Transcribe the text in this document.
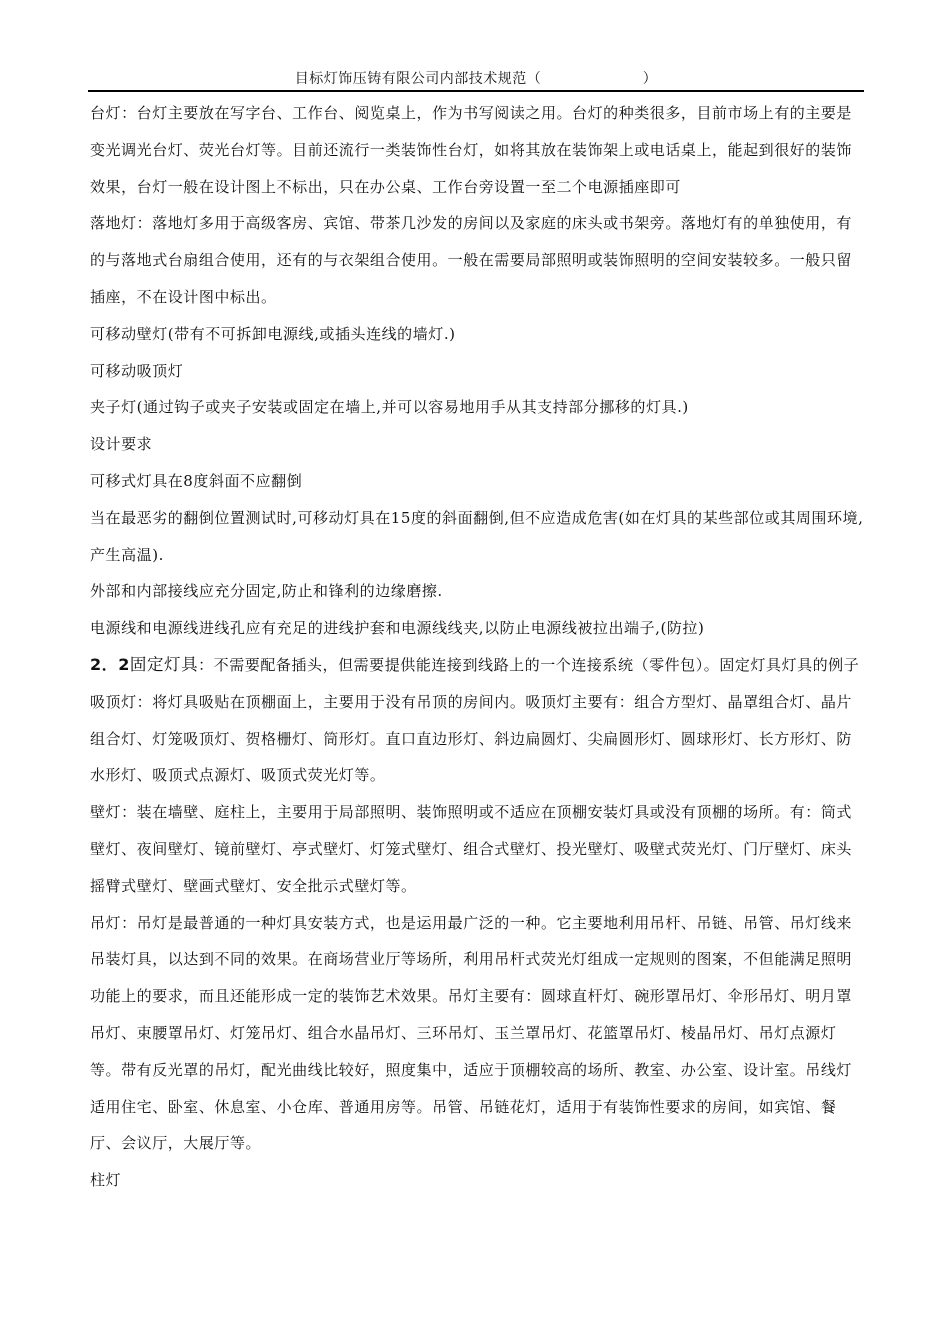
目标灯饰压铸有限公司内部技术规范（　　　　　　　）

台灯：台灯主要放在写字台、工作台、阅览桌上，作为书写阅读之用。台灯的种类很多，目前市场上有的主要是变光调光台灯、荧光台灯等。目前还流行一类装饰性台灯，如将其放在装饰架上或电话桌上，能起到很好的装饰效果，台灯一般在设计图上不标出，只在办公桌、工作台旁设置一至二个电源插座即可

落地灯：落地灯多用于高级客房、宾馆、带茶几沙发的房间以及家庭的床头或书架旁。落地灯有的单独使用，有的与落地式台扇组合使用，还有的与衣架组合使用。一般在需要局部照明或装饰照明的空间安装较多。一般只留插座，不在设计图中标出。

可移动壁灯(带有不可拆卸电源线,或插头连线的墙灯.)

可移动吸顶灯

夹子灯(通过钩子或夹子安装或固定在墙上,并可以容易地用手从其支持部分挪移的灯具.)

设计要求

可移式灯具在8度斜面不应翻倒

当在最恶劣的翻倒位置测试时,可移动灯具在15度的斜面翻倒,但不应造成危害(如在灯具的某些部位或其周围环境,产生高温).

外部和内部接线应充分固定,防止和锋利的边缘磨擦.

电源线和电源线进线孔应有充足的进线护套和电源线线夹,以防止电源线被拉出端子,(防拉)

2．2固定灯具：不需要配备插头，但需要提供能连接到线路上的一个连接系统（零件包）。固定灯具灯具的例子

吸顶灯：将灯具吸贴在顶棚面上，主要用于没有吊顶的房间内。吸顶灯主要有：组合方型灯、晶罩组合灯、晶片组合灯、灯笼吸顶灯、贺格栅灯、筒形灯。直口直边形灯、斜边扁圆灯、尖扁圆形灯、圆球形灯、长方形灯、防水形灯、吸顶式点源灯、吸顶式荧光灯等。

壁灯：装在墙壁、庭柱上，主要用于局部照明、装饰照明或不适应在顶棚安装灯具或没有顶棚的场所。有：筒式壁灯、夜间壁灯、镜前壁灯、亭式壁灯、灯笼式壁灯、组合式壁灯、投光壁灯、吸壁式荧光灯、门厅壁灯、床头摇臂式壁灯、壁画式壁灯、安全批示式壁灯等。

吊灯：吊灯是最普通的一种灯具安装方式，也是运用最广泛的一种。它主要地利用吊杆、吊链、吊管、吊灯线来吊装灯具，以达到不同的效果。在商场营业厅等场所，利用吊杆式荧光灯组成一定规则的图案，不但能满足照明功能上的要求，而且还能形成一定的装饰艺术效果。吊灯主要有：圆球直杆灯、碗形罩吊灯、伞形吊灯、明月罩吊灯、束腰罩吊灯、灯笼吊灯、组合水晶吊灯、三环吊灯、玉兰罩吊灯、花篮罩吊灯、棱晶吊灯、吊灯点源灯等。带有反光罩的吊灯，配光曲线比较好，照度集中，适应于顶棚较高的场所、教室、办公室、设计室。吊线灯适用住宅、卧室、休息室、小仓库、普通用房等。吊管、吊链花灯，适用于有装饰性要求的房间，如宾馆、餐厅、会议厅，大展厅等。

柱灯
